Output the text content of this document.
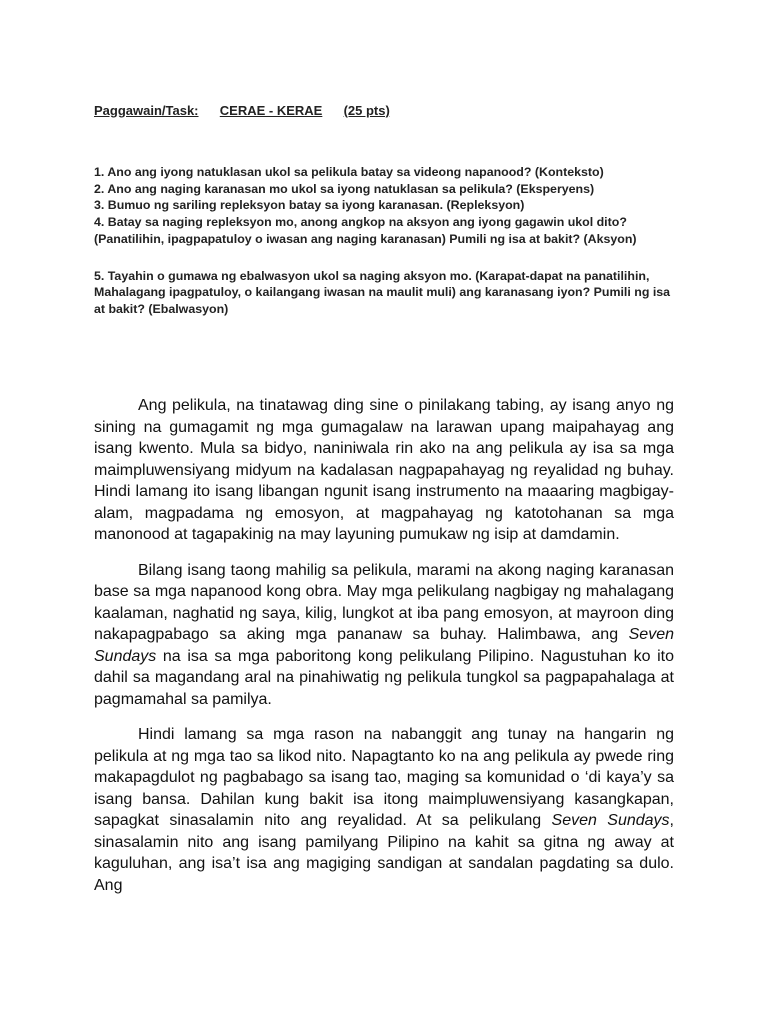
Paggawain/Task: CERAE - KERAE (25 pts)
1. Ano ang iyong natuklasan ukol sa pelikula batay sa videong napanood? (Konteksto)
2. Ano ang naging karanasan mo ukol sa iyong natuklasan sa pelikula? (Eksperyens)
3. Bumuo ng sariling repleksyon batay sa iyong karanasan. (Repleksyon)
4. Batay sa naging repleksyon mo, anong angkop na aksyon ang iyong gagawin ukol dito? (Panatilihin, ipagpapatuloy o iwasan ang naging karanasan) Pumili ng isa at bakit? (Aksyon)
5. Tayahin o gumawa ng ebalwasyon ukol sa naging aksyon mo. (Karapat-dapat na panatilihin, Mahalagang ipagpatuloy, o kailangang iwasan na maulit muli) ang karanasang iyon? Pumili ng isa at bakit? (Ebalwasyon)

Ang pelikula, na tinatawag ding sine o pinilakang tabing, ay isang anyo ng sining na gumagamit ng mga gumagalaw na larawan upang maipahayag ang isang kwento. Mula sa bidyo, naniniwala rin ako na ang pelikula ay isa sa mga maimpluwensiyang midyum na kadalasan nagpapahayag ng reyalidad ng buhay. Hindi lamang ito isang libangan ngunit isang instrumento na maaaring magbigay-alam, magpadama ng emosyon, at magpahayag ng katotohanan sa mga manonood at tagapakinig na may layuning pumukaw ng isip at damdamin.

Bilang isang taong mahilig sa pelikula, marami na akong naging karanasan base sa mga napanood kong obra. May mga pelikulang nagbigay ng mahalagang kaalaman, naghatid ng saya, kilig, lungkot at iba pang emosyon, at mayroon ding nakapagpabago sa aking mga pananaw sa buhay. Halimbawa, ang Seven Sundays na isa sa mga paboritong kong pelikulang Pilipino. Nagustuhan ko ito dahil sa magandang aral na pinahiwatig ng pelikula tungkol sa pagpapahalaga at pagmamahal sa pamilya.

Hindi lamang sa mga rason na nabanggit ang tunay na hangarin ng pelikula at ng mga tao sa likod nito. Napagtanto ko na ang pelikula ay pwede ring makapagdulot ng pagbabago sa isang tao, maging sa komunidad o ‘di kaya’y sa isang bansa. Dahilan kung bakit isa itong maimpluwensiyang kasangkapan, sapagkat sinasalamin nito ang reyalidad. At sa pelikulang Seven Sundays, sinasalamin nito ang isang pamilyang Pilipino na kahit sa gitna ng away at kaguluhan, ang isa’t isa ang magiging sandigan at sandalan pagdating sa dulo. Ang
